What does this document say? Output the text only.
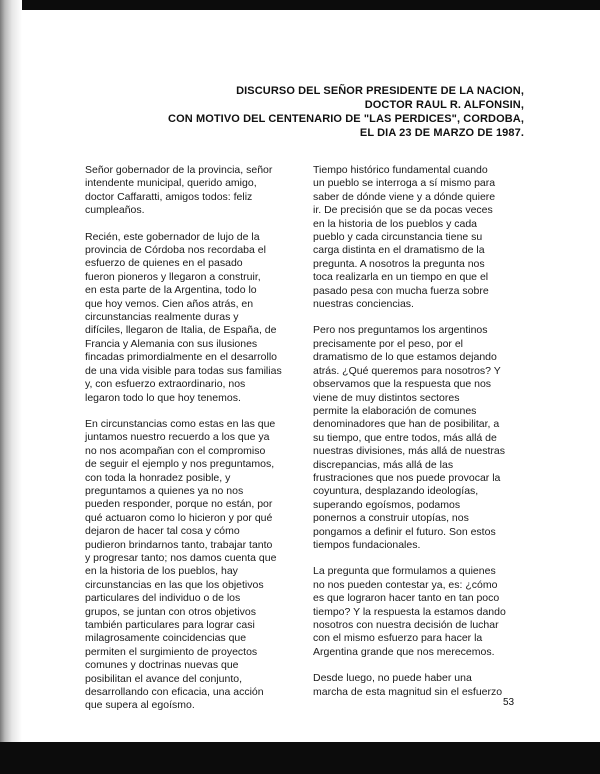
DISCURSO DEL SEÑOR PRESIDENTE DE LA NACION,
DOCTOR RAUL R. ALFONSIN,
CON MOTIVO DEL CENTENARIO DE "LAS PERDICES", CORDOBA,
EL DIA 23 DE MARZO DE 1987.

Señor gobernador de la provincia, señor
intendente municipal, querido amigo,
doctor Caffaratti, amigos todos: feliz
cumpleaños.

Recién, este gobernador de lujo de la
provincia de Córdoba nos recordaba el
esfuerzo de quienes en el pasado
fueron pioneros y llegaron a construir,
en esta parte de la Argentina, todo lo
que hoy vemos. Cien años atrás, en
circunstancias realmente duras y
difíciles, llegaron de Italia, de España, de
Francia y Alemania con sus ilusiones
fincadas primordialmente en el desarrollo
de una vida visible para todas sus familias
y, con esfuerzo extraordinario, nos
legaron todo lo que hoy tenemos.

En circunstancias como estas en las que
juntamos nuestro recuerdo a los que ya
no nos acompañan con el compromiso
de seguir el ejemplo y nos preguntamos,
con toda la honradez posible, y
preguntamos a quienes ya no nos
pueden responder, porque no están, por
qué actuaron como lo hicieron y por qué
dejaron de hacer tal cosa y cómo
pudieron brindarnos tanto, trabajar tanto
y progresar tanto; nos damos cuenta que
en la historia de los pueblos, hay
circunstancias en las que los objetivos
particulares del individuo o de los
grupos, se juntan con otros objetivos
también particulares para lograr casi
milagrosamente coincidencias que
permiten el surgimiento de proyectos
comunes y doctrinas nuevas que
posibilitan el avance del conjunto,
desarrollando con eficacia, una acción
que supera al egoísmo.

Tiempo histórico fundamental cuando
un pueblo se interroga a sí mismo para
saber de dónde viene y a dónde quiere
ir. De precisión que se da pocas veces
en la historia de los pueblos y cada
pueblo y cada circunstancia tiene su
carga distinta en el dramatismo de la
pregunta. A nosotros la pregunta nos
toca realizarla en un tiempo en que el
pasado pesa con mucha fuerza sobre
nuestras conciencias.

Pero nos preguntamos los argentinos
precisamente por el peso, por el
dramatismo de lo que estamos dejando
atrás. ¿Qué queremos para nosotros? Y
observamos que la respuesta que nos
viene de muy distintos sectores
permite la elaboración de comunes
denominadores que han de posibilitar, a
su tiempo, que entre todos, más allá de
nuestras divisiones, más allá de nuestras
discrepancias, más allá de las
frustraciones que nos puede provocar la
coyuntura, desplazando ideologías,
superando egoísmos, podamos
ponernos a construir utopías, nos
pongamos a definir el futuro. Son estos
tiempos fundacionales.

La pregunta que formulamos a quienes
no nos pueden contestar ya, es: ¿cómo
es que lograron hacer tanto en tan poco
tiempo? Y la respuesta la estamos dando
nosotros con nuestra decisión de luchar
con el mismo esfuerzo para hacer la
Argentina grande que nos merecemos.

Desde luego, no puede haber una
marcha de esta magnitud sin el esfuerzo

53
